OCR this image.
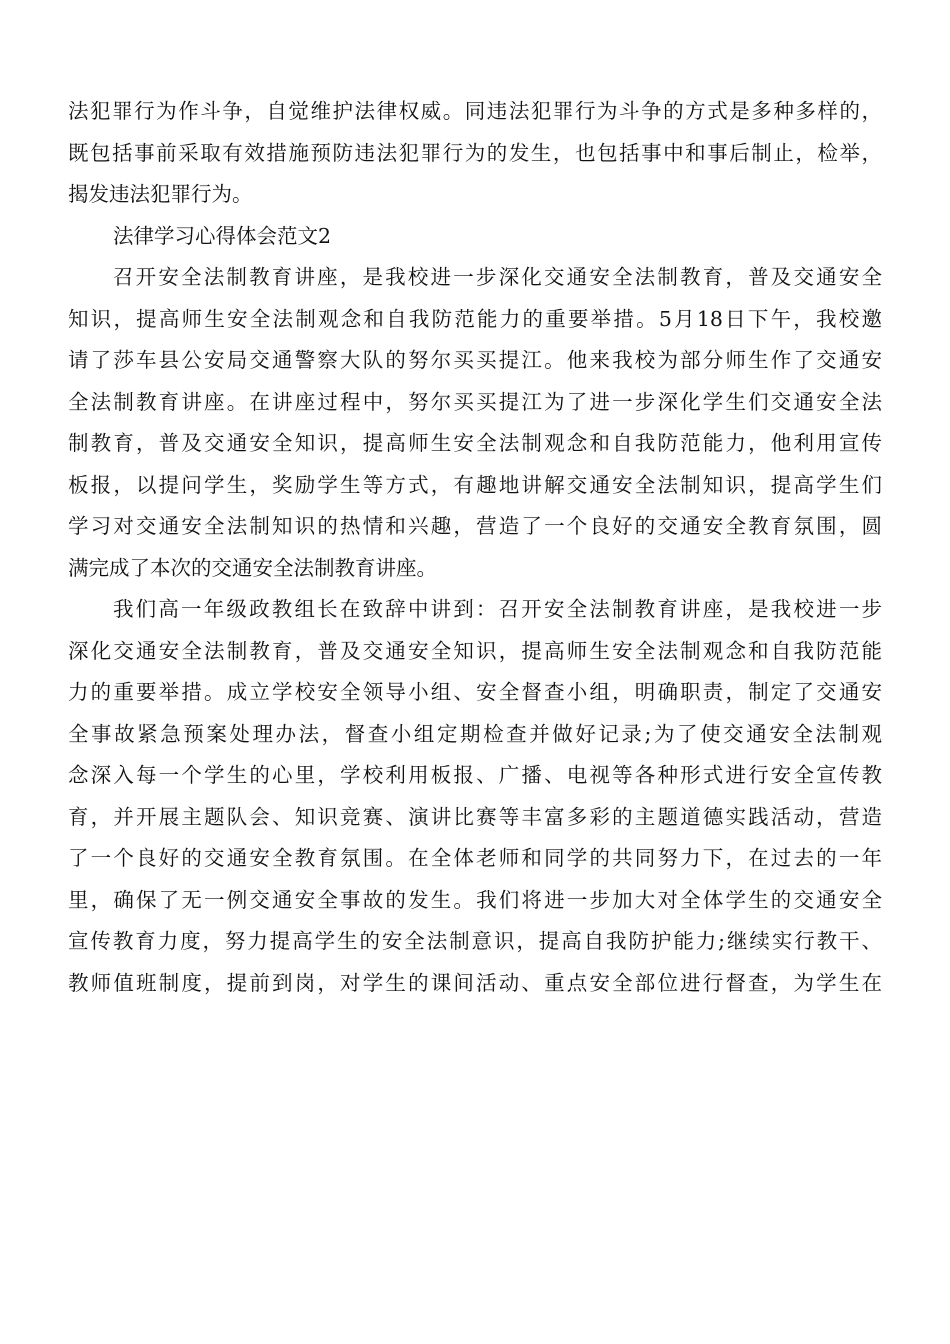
法犯罪行为作斗争，自觉维护法律权威。同违法犯罪行为斗争的方式是多种多样的，
既包括事前采取有效措施预防违法犯罪行为的发生，也包括事中和事后制止，检举，
揭发违法犯罪行为。
法律学习心得体会范文2
召开安全法制教育讲座，是我校进一步深化交通安全法制教育，普及交通安全
知识，提高师生安全法制观念和自我防范能力的重要举措。5月18日下午，我校邀
请了莎车县公安局交通警察大队的努尔买买提江。他来我校为部分师生作了交通安
全法制教育讲座。在讲座过程中，努尔买买提江为了进一步深化学生们交通安全法
制教育，普及交通安全知识，提高师生安全法制观念和自我防范能力，他利用宣传
板报，以提问学生，奖励学生等方式，有趣地讲解交通安全法制知识，提高学生们
学习对交通安全法制知识的热情和兴趣，营造了一个良好的交通安全教育氛围，圆
满完成了本次的交通安全法制教育讲座。
我们高一年级政教组长在致辞中讲到：召开安全法制教育讲座，是我校进一步
深化交通安全法制教育，普及交通安全知识，提高师生安全法制观念和自我防范能
力的重要举措。成立学校安全领导小组、安全督查小组，明确职责，制定了交通安
全事故紧急预案处理办法，督查小组定期检查并做好记录;为了使交通安全法制观
念深入每一个学生的心里，学校利用板报、广播、电视等各种形式进行安全宣传教
育，并开展主题队会、知识竞赛、演讲比赛等丰富多彩的主题道德实践活动，营造
了一个良好的交通安全教育氛围。在全体老师和同学的共同努力下，在过去的一年
里，确保了无一例交通安全事故的发生。我们将进一步加大对全体学生的交通安全
宣传教育力度，努力提高学生的安全法制意识，提高自我防护能力;继续实行教干、
教师值班制度，提前到岗，对学生的课间活动、重点安全部位进行督查，为学生在
